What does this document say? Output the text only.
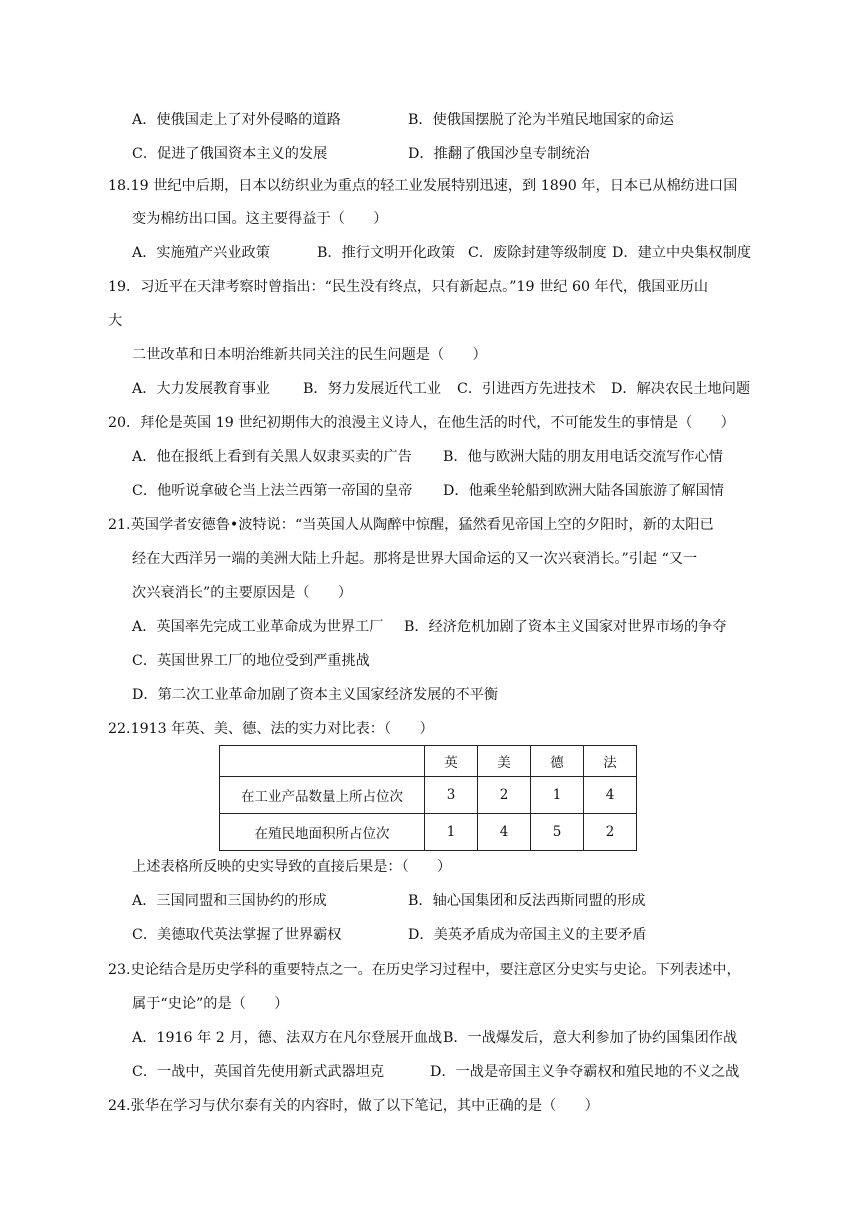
A．使俄国走上了对外侵略的道路	B．使俄国摆脱了沦为半殖民地国家的命运
C．促进了俄国资本主义的发展	D．推翻了俄国沙皇专制统治
18.19 世纪中后期，日本以纺织业为重点的轻工业发展特别迅速，到 1890 年，日本已从棉纺进口国
变为棉纺出口国。这主要得益于（　　）
A．实施殖产兴业政策	B．推行文明开化政策 C．废除封建等级制度 D．建立中央集权制度
19．习近平在天津考察时曾指出：“民生没有终点，只有新起点。”19 世纪 60 年代，俄国亚历山
大
二世改革和日本明治维新共同关注的民生问题是（　　）
A．大力发展教育事业 B．努力发展近代工业 C．引进西方先进技术 D．解决农民土地问题
20．拜伦是英国 19 世纪初期伟大的浪漫主义诗人，在他生活的时代，不可能发生的事情是（　　）
A．他在报纸上看到有关黑人奴隶买卖的广告 B．他与欧洲大陆的朋友用电话交流写作心情
C．他听说拿破仑当上法兰西第一帝国的皇帝 D．他乘坐轮船到欧洲大陆各国旅游了解国情
21.英国学者安德鲁•波特说：“当英国人从陶醉中惊醒，猛然看见帝国上空的夕阳时，新的太阳已
经在大西洋另一端的美洲大陆上升起。那将是世界大国命运的又一次兴衰消长。”引起 “又一
次兴衰消长”的主要原因是（　　）
A．英国率先完成工业革命成为世界工厂 B．经济危机加剧了资本主义国家对世界市场的争夺
C．英国世界工厂的地位受到严重挑战
D．第二次工业革命加剧了资本主义国家经济发展的不平衡
22.1913 年英、美、德、法的实力对比表：（　　）
	英	美	德	法
在工业产品数量上所占位次	3	2	1	4
在殖民地面积所占位次	1	4	5	2
上述表格所反映的史实导致的直接后果是：（　　）
A．三国同盟和三国协约的形成	B．轴心国集团和反法西斯同盟的形成
C．美德取代英法掌握了世界霸权	D．美英矛盾成为帝国主义的主要矛盾
23.史论结合是历史学科的重要特点之一。在历史学习过程中，要注意区分史实与史论。下列表述中，
属于“史论”的是（　　）
A．1916 年 2 月，德、法双方在凡尔登展开血战 B．一战爆发后，意大利参加了协约国集团作战
C．一战中，英国首先使用新式武器坦克	D．一战是帝国主义争夺霸权和殖民地的不义之战
24.张华在学习与伏尔泰有关的内容时，做了以下笔记，其中正确的是（　　）
